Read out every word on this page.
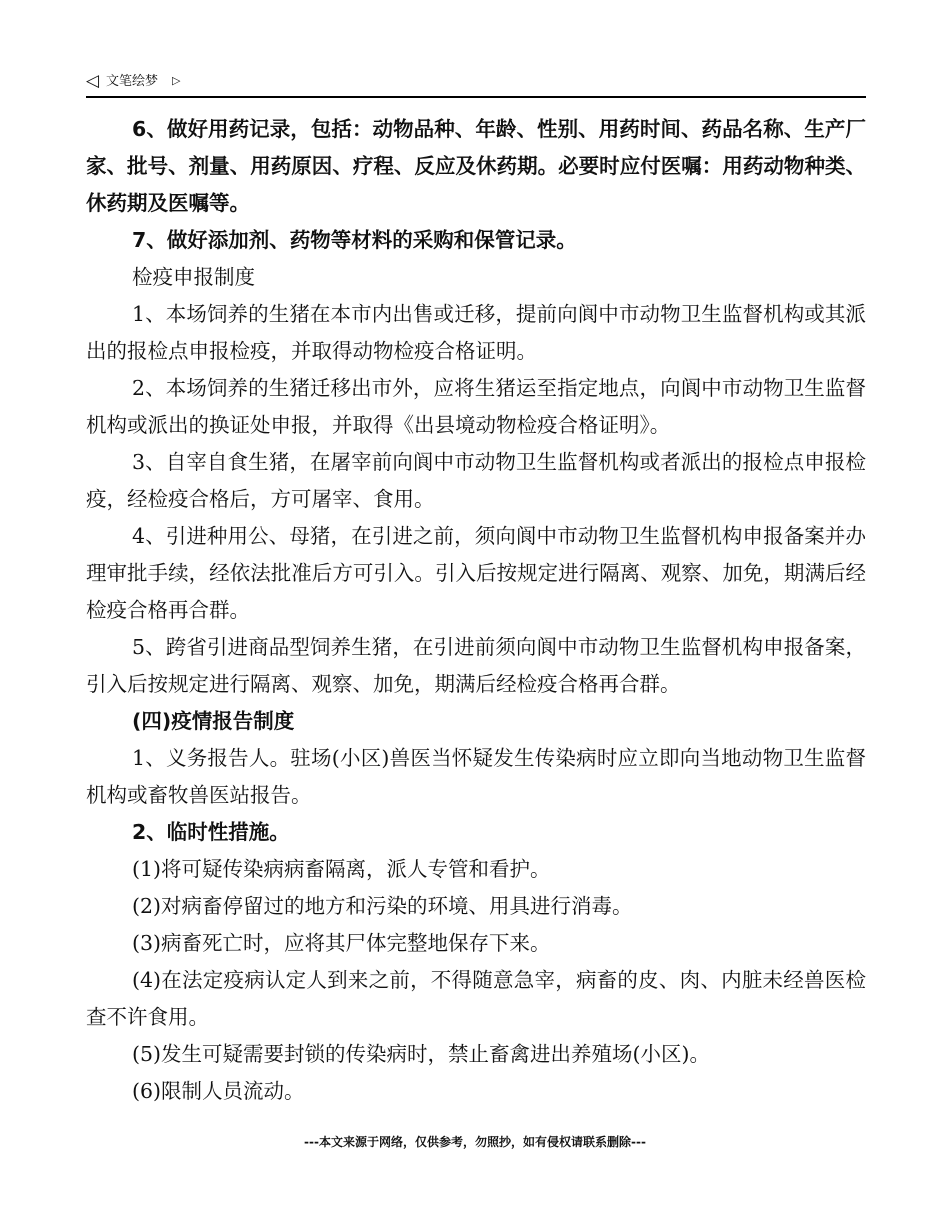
◁ 文笔绘梦 ▷

6、做好用药记录，包括：动物品种、年龄、性别、用药时间、药品名称、生产厂家、批号、剂量、用药原因、疗程、反应及休药期。必要时应付医嘱：用药动物种类、休药期及医嘱等。

7、做好添加剂、药物等材料的采购和保管记录。

检疫申报制度

1、本场饲养的生猪在本市内出售或迁移，提前向阆中市动物卫生监督机构或其派出的报检点申报检疫，并取得动物检疫合格证明。

2、本场饲养的生猪迁移出市外，应将生猪运至指定地点，向阆中市动物卫生监督机构或派出的换证处申报，并取得《出县境动物检疫合格证明》。

3、自宰自食生猪，在屠宰前向阆中市动物卫生监督机构或者派出的报检点申报检疫，经检疫合格后，方可屠宰、食用。

4、引进种用公、母猪，在引进之前，须向阆中市动物卫生监督机构申报备案并办理审批手续，经依法批准后方可引入。引入后按规定进行隔离、观察、加免，期满后经检疫合格再合群。

5、跨省引进商品型饲养生猪，在引进前须向阆中市动物卫生监督机构申报备案，引入后按规定进行隔离、观察、加免，期满后经检疫合格再合群。

(四)疫情报告制度

1、义务报告人。驻场(小区)兽医当怀疑发生传染病时应立即向当地动物卫生监督机构或畜牧兽医站报告。

2、临时性措施。

(1)将可疑传染病病畜隔离，派人专管和看护。

(2)对病畜停留过的地方和污染的环境、用具进行消毒。

(3)病畜死亡时，应将其尸体完整地保存下来。

(4)在法定疫病认定人到来之前，不得随意急宰，病畜的皮、肉、内脏未经兽医检查不许食用。

(5)发生可疑需要封锁的传染病时，禁止畜禽进出养殖场(小区)。

(6)限制人员流动。

---本文来源于网络，仅供参考，勿照抄，如有侵权请联系删除---
